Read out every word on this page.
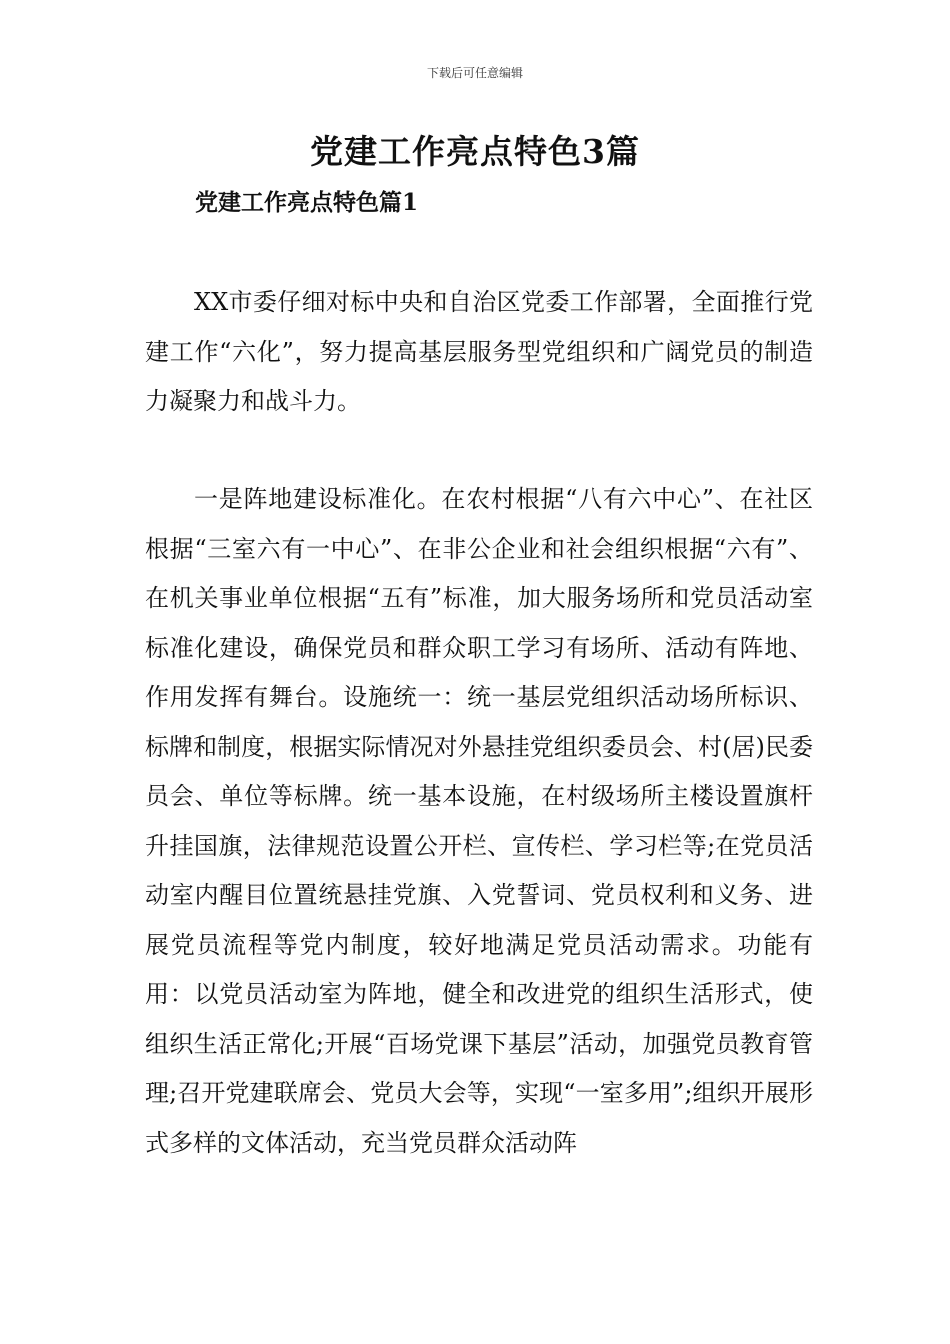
下载后可任意编辑
党建工作亮点特色3篇
党建工作亮点特色篇1

XX市委仔细对标中央和自治区党委工作部署，全面推行党建工作“六化”，努力提高基层服务型党组织和广阔党员的制造力凝聚力和战斗力。

一是阵地建设标准化。在农村根据“八有六中心”、在社区根据“三室六有一中心”、在非公企业和社会组织根据“六有”、在机关事业单位根据“五有”标准，加大服务场所和党员活动室标准化建设，确保党员和群众职工学习有场所、活动有阵地、作用发挥有舞台。设施统一：统一基层党组织活动场所标识、标牌和制度，根据实际情况对外悬挂党组织委员会、村(居)民委员会、单位等标牌。统一基本设施，在村级场所主楼设置旗杆升挂国旗，法律规范设置公开栏、宣传栏、学习栏等;在党员活动室内醒目位置统悬挂党旗、入党誓词、党员权利和义务、进展党员流程等党内制度，较好地满足党员活动需求。功能有用：以党员活动室为阵地，健全和改进党的组织生活形式，使组织生活正常化;开展“百场党课下基层”活动，加强党员教育管理;召开党建联席会、党员大会等，实现“一室多用”;组织开展形式多样的文体活动，充当党员群众活动阵
